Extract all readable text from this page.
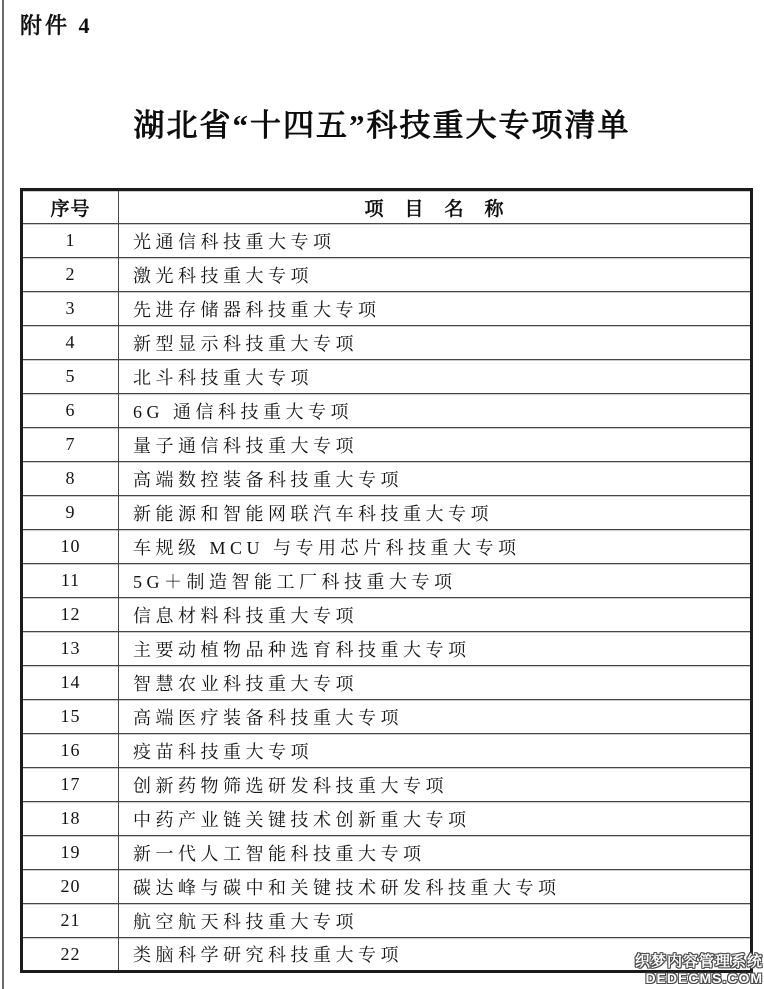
附件 4
湖北省“十四五”科技重大专项清单
序号	项　目　名　称
1	光通信科技重大专项
2	激光科技重大专项
3	先进存储器科技重大专项
4	新型显示科技重大专项
5	北斗科技重大专项
6	6G 通信科技重大专项
7	量子通信科技重大专项
8	高端数控装备科技重大专项
9	新能源和智能网联汽车科技重大专项
10	车规级 MCU 与专用芯片科技重大专项
11	5G＋制造智能工厂科技重大专项
12	信息材料科技重大专项
13	主要动植物品种选育科技重大专项
14	智慧农业科技重大专项
15	高端医疗装备科技重大专项
16	疫苗科技重大专项
17	创新药物筛选研发科技重大专项
18	中药产业链关键技术创新重大专项
19	新一代人工智能科技重大专项
20	碳达峰与碳中和关键技术研发科技重大专项
21	航空航天科技重大专项
22	类脑科学研究科技重大专项	织梦内容管理系统
DEDECMS.COM
